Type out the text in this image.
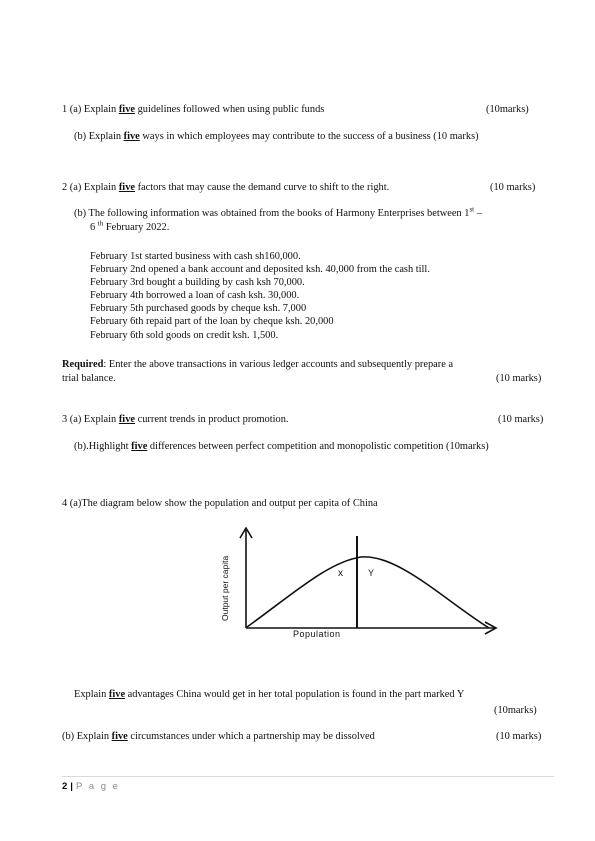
1 (a) Explain five guidelines followed when using public funds	(10marks)
(b) Explain five ways in which employees may contribute to the success of a business (10 marks)
2 (a) Explain five factors that may cause the demand curve to shift to the right.	(10 marks)
(b) The following information was obtained from the books of Harmony Enterprises between 1st –
6 $^{th}$ February 2022.
February 1st started business with cash sh160,000.
February 2nd opened a bank account and deposited ksh. 40,000 from the cash till.
February 3rd bought a building by cash ksh 70,000.
February 4th borrowed a loan of cash ksh. 30,000.
February 5th purchased goods by cheque ksh. 7,000
February 6th repaid part of the loan by cheque ksh. 20,000
February 6th sold goods on credit ksh. 1,500.
Required: Enter the above transactions in various ledger accounts and subsequently prepare a
trial balance.	(10 marks)
3 (a) Explain five current trends in product promotion.	(10 marks)
(b).Highlight five differences between perfect competition and monopolistic competition (10marks)
4 (a)The diagram below show the population and output per capita of China
x	Y
Population
Output per capita
Explain five advantages China would get in her total population is found in the part marked Y
(10marks)
(b) Explain five circumstances under which a partnership may be dissolved	(10 marks)
2 | P a g e
